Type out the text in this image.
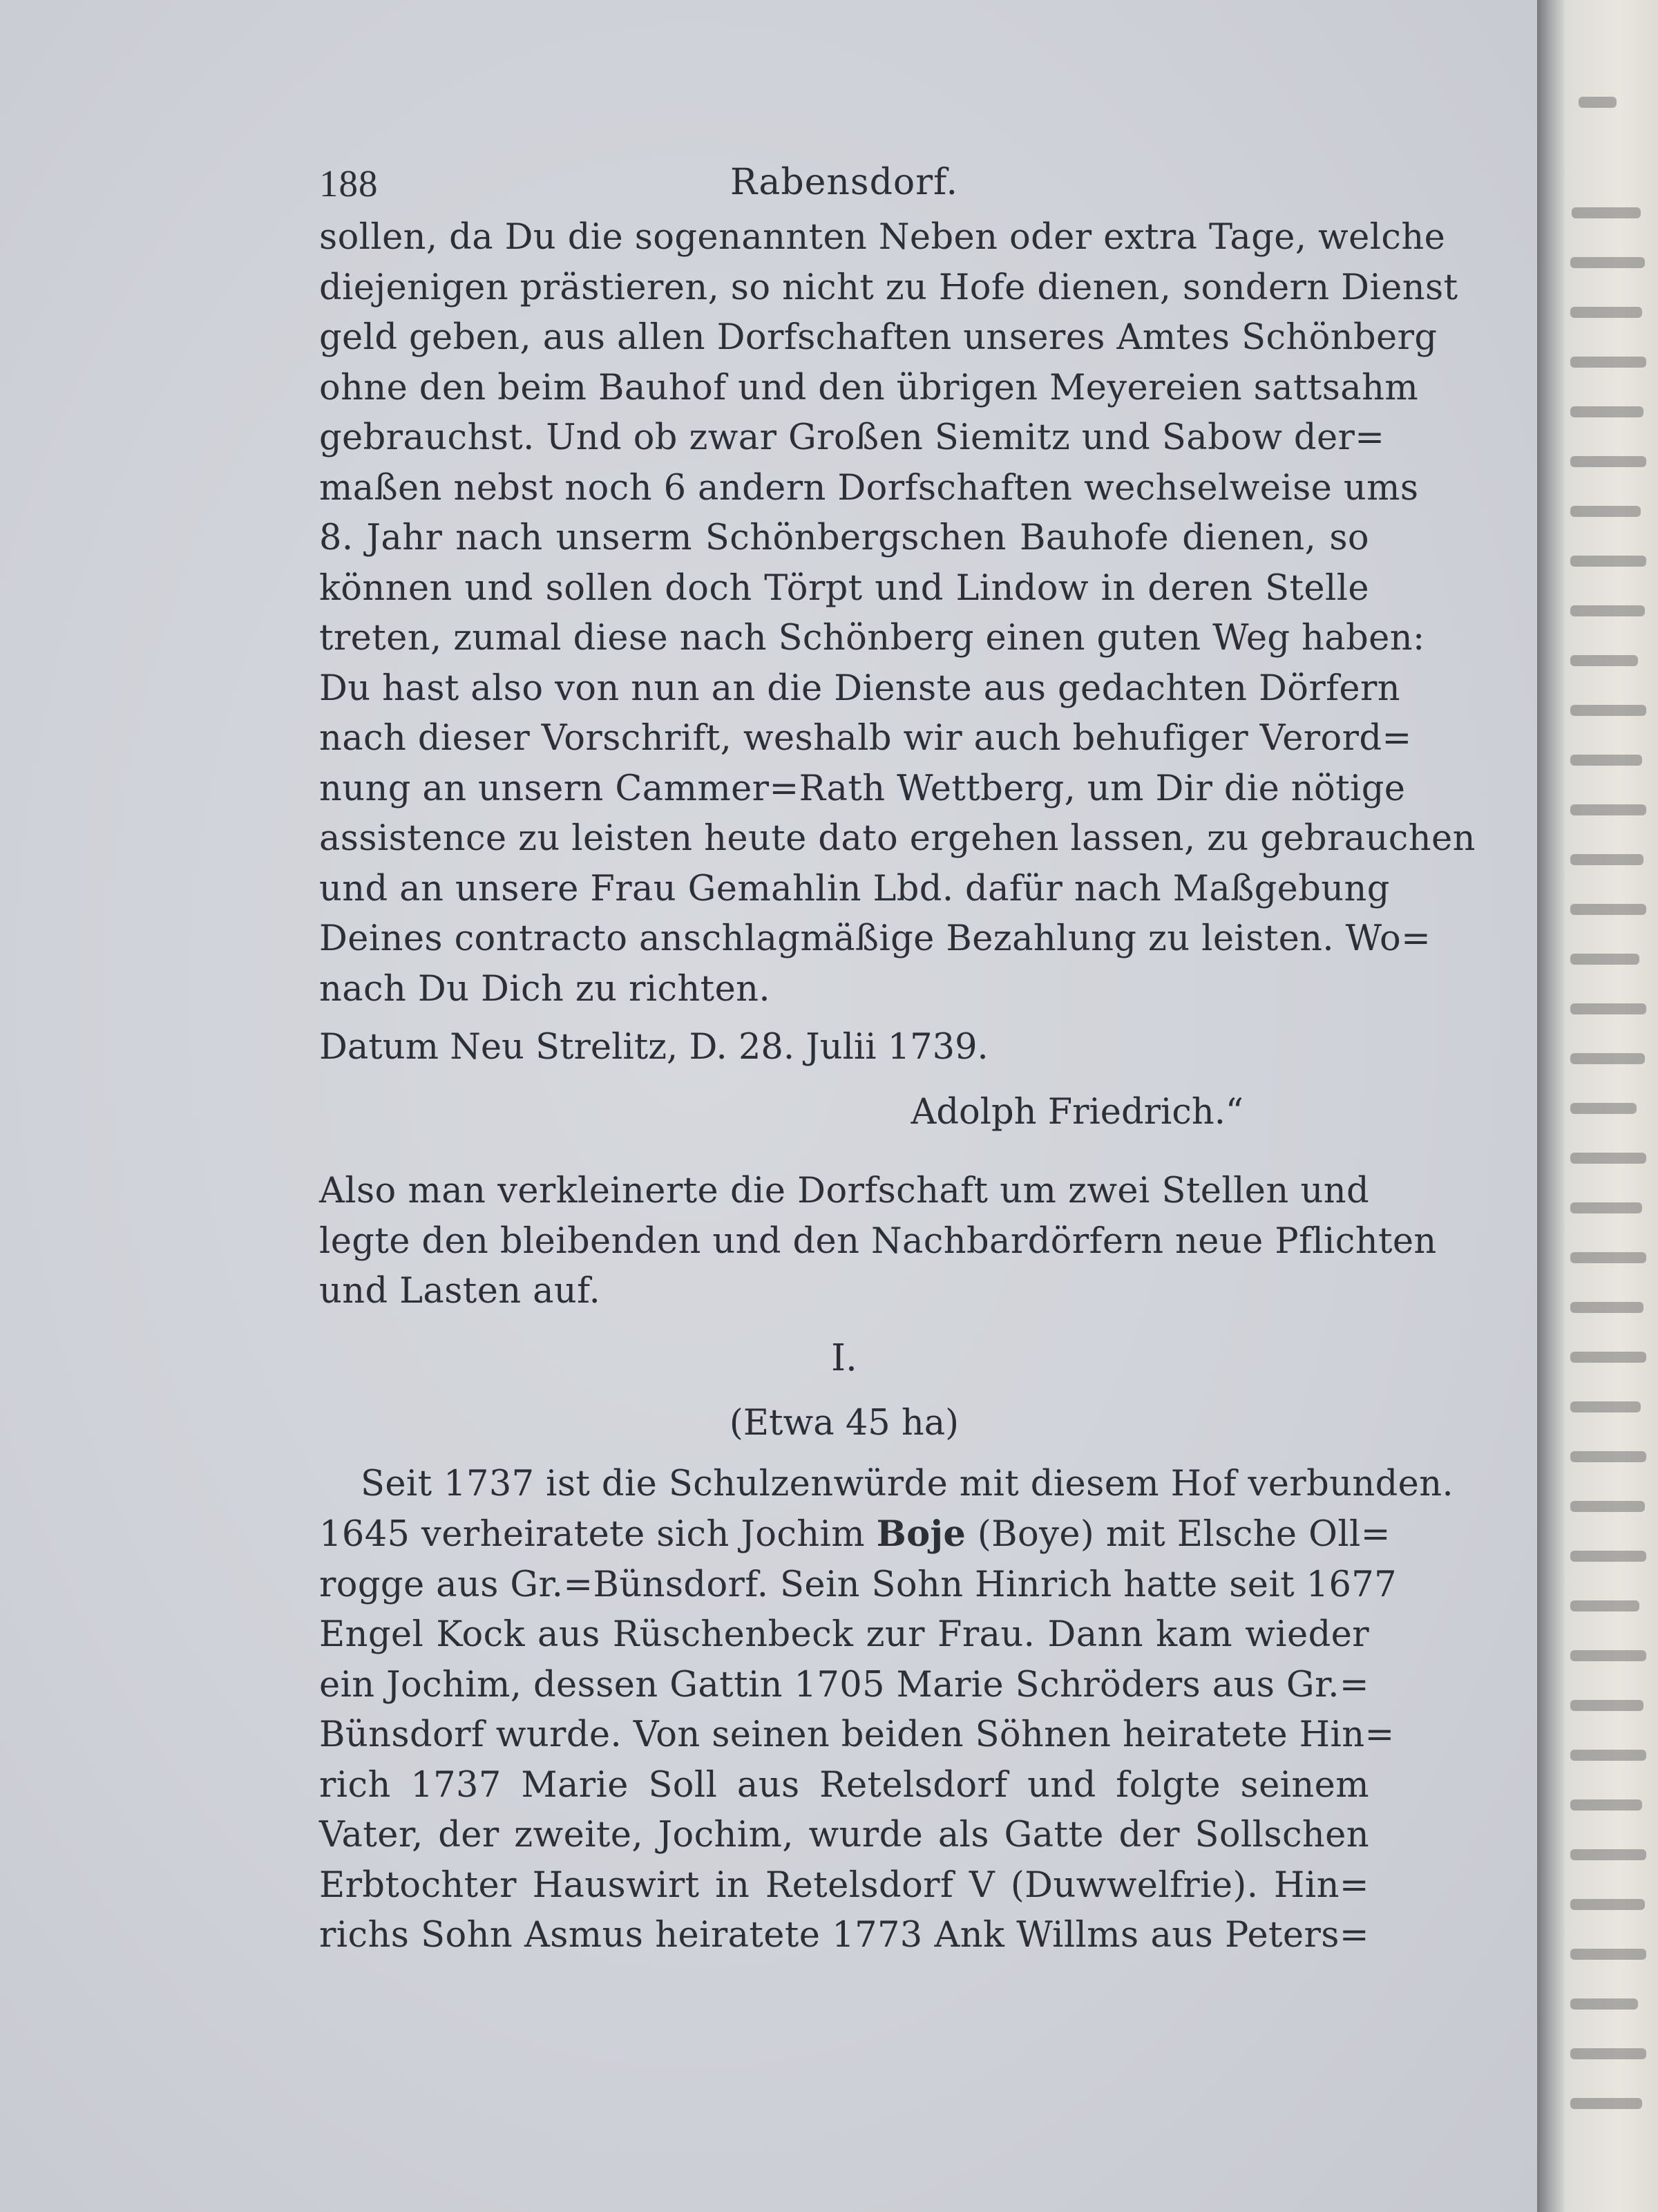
188	Rabensdorf.
sollen, da Du die sogenannten Neben oder extra Tage, welche
diejenigen prästieren, so nicht zu Hofe dienen, sondern Dienst
geld geben, aus allen Dorfschaften unseres Amtes Schönberg
ohne den beim Bauhof und den übrigen Meyereien sattsahm
gebrauchst. Und ob zwar Großen Siemitz und Sabow der=
maßen nebst noch 6 andern Dorfschaften wechselweise ums
8. Jahr nach unserm Schönbergschen Bauhofe dienen, so
können und sollen doch Törpt und Lindow in deren Stelle
treten, zumal diese nach Schönberg einen guten Weg haben:
Du hast also von nun an die Dienste aus gedachten Dörfern
nach dieser Vorschrift, weshalb wir auch behufiger Verord=
nung an unsern Cammer=Rath Wettberg, um Dir die nötige
assistence zu leisten heute dato ergehen lassen, zu gebrauchen
und an unsere Frau Gemahlin Lbd. dafür nach Maßgebung
Deines contracto anschlagmäßige Bezahlung zu leisten. Wo=
nach Du Dich zu richten.
Datum Neu Strelitz, D. 28. Julii 1739.
Adolph Friedrich.“
Also man verkleinerte die Dorfschaft um zwei Stellen und
legte den bleibenden und den Nachbardörfern neue Pflichten
und Lasten auf.
I.
(Etwa 45 ha)
Seit 1737 ist die Schulzenwürde mit diesem Hof verbunden.
1645 verheiratete sich Jochim Boje (Boye) mit Elsche Oll=
rogge aus Gr.=Bünsdorf. Sein Sohn Hinrich hatte seit 1677
Engel Kock aus Rüschenbeck zur Frau. Dann kam wieder
ein Jochim, dessen Gattin 1705 Marie Schröders aus Gr.=
Bünsdorf wurde. Von seinen beiden Söhnen heiratete Hin=
rich 1737 Marie Soll aus Retelsdorf und folgte seinem
Vater, der zweite, Jochim, wurde als Gatte der Sollschen
Erbtochter Hauswirt in Retelsdorf V (Duwwelfrie). Hin=
richs Sohn Asmus heiratete 1773 Ank Willms aus Peters=
